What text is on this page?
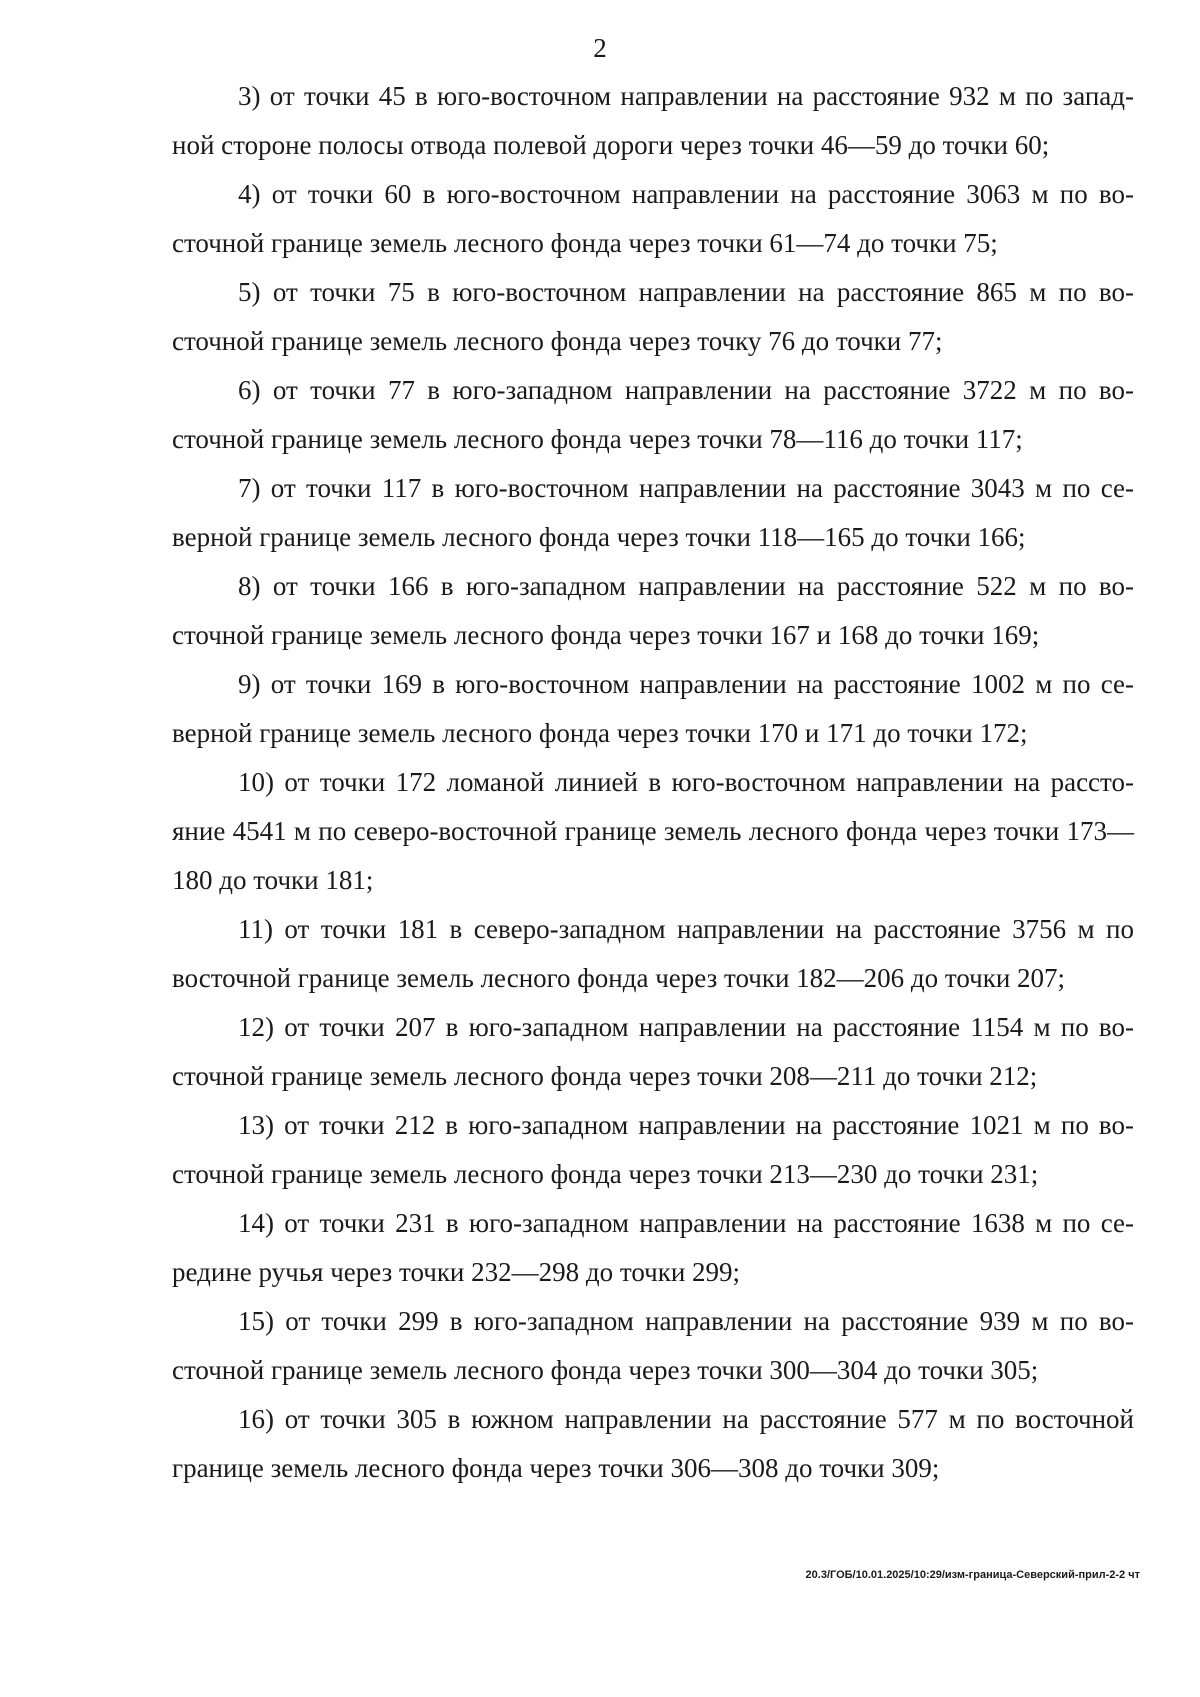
2

3) от точки 45 в юго-восточном направлении на расстояние 932 м по западной стороне полосы отвода полевой дороги через точки 46—59 до точки 60;

4) от точки 60 в юго-восточном направлении на расстояние 3063 м по восточной границе земель лесного фонда через точки 61—74 до точки 75;

5) от точки 75 в юго-восточном направлении на расстояние 865 м по восточной границе земель лесного фонда через точку 76 до точки 77;

6) от точки 77 в юго-западном направлении на расстояние 3722 м по восточной границе земель лесного фонда через точки 78—116 до точки 117;

7) от точки 117 в юго-восточном направлении на расстояние 3043 м по северной границе земель лесного фонда через точки 118—165 до точки 166;

8) от точки 166 в юго-западном направлении на расстояние 522 м по восточной границе земель лесного фонда через точки 167 и 168 до точки 169;

9) от точки 169 в юго-восточном направлении на расстояние 1002 м по северной границе земель лесного фонда через точки 170 и 171 до точки 172;

10) от точки 172 ломаной линией в юго-восточном направлении на расстояние 4541 м по северо-восточной границе земель лесного фонда через точки 173—180 до точки 181;

11) от точки 181 в северо-западном направлении на расстояние 3756 м по восточной границе земель лесного фонда через точки 182—206 до точки 207;

12) от точки 207 в юго-западном направлении на расстояние 1154 м по восточной границе земель лесного фонда через точки 208—211 до точки 212;

13) от точки 212 в юго-западном направлении на расстояние 1021 м по восточной границе земель лесного фонда через точки 213—230 до точки 231;

14) от точки 231 в юго-западном направлении на расстояние 1638 м по середине ручья через точки 232—298 до точки 299;

15) от точки 299 в юго-западном направлении на расстояние 939 м по восточной границе земель лесного фонда через точки 300—304 до точки 305;

16) от точки 305 в южном направлении на расстояние 577 м по восточной границе земель лесного фонда через точки 306—308 до точки 309;

20.3/ГОБ/10.01.2025/10:29/изм-граница-Северский-прил-2-2 чт
